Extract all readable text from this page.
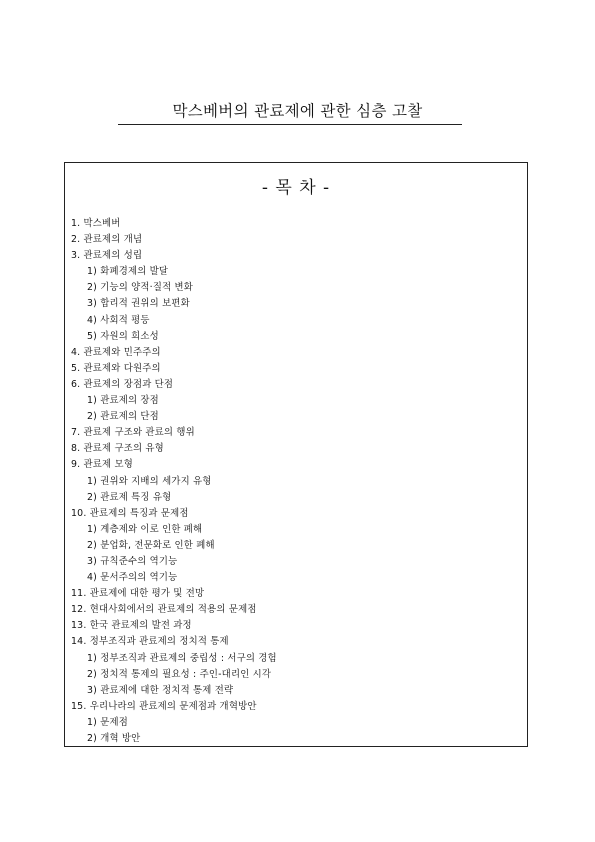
막스베버의 관료제에 관한 심층 고찰
- 목 차 -
1. 막스베버
2. 관료제의 개념
3. 관료제의 성립
1) 화폐경제의 발달
2) 기능의 양적·질적 변화
3) 합리적 권위의 보편화
4) 사회적 평등
5) 자원의 희소성
4. 관료제와 민주주의
5. 관료제와 다원주의
6. 관료제의 장점과 단점
1) 관료제의 장점
2) 관료제의 단점
7. 관료제 구조와 관료의 행위
8. 관료제 구조의 유형
9. 관료제 모형
1) 권위와 지배의 세가지 유형
2) 관료제 특징 유형
10. 관료제의 특징과 문제점
1) 계층제와 이로 인한 폐해
2) 분업화, 전문화로 인한 폐해
3) 규칙준수의 역기능
4) 문서주의의 역기능
11. 관료제에 대한 평가 및 전망
12. 현대사회에서의 관료제의 적용의 문제점
13. 한국 관료제의 발전 과정
14. 정부조직과 관료제의 정치적 통제
1) 정부조직과 관료제의 중립성 : 서구의 경험
2) 정치적 통제의 필요성 : 주인-대리인 시각
3) 관료제에 대한 정치적 통제 전략
15. 우리나라의 관료제의 문제점과 개혁방안
1) 문제점
2) 개혁 방안
